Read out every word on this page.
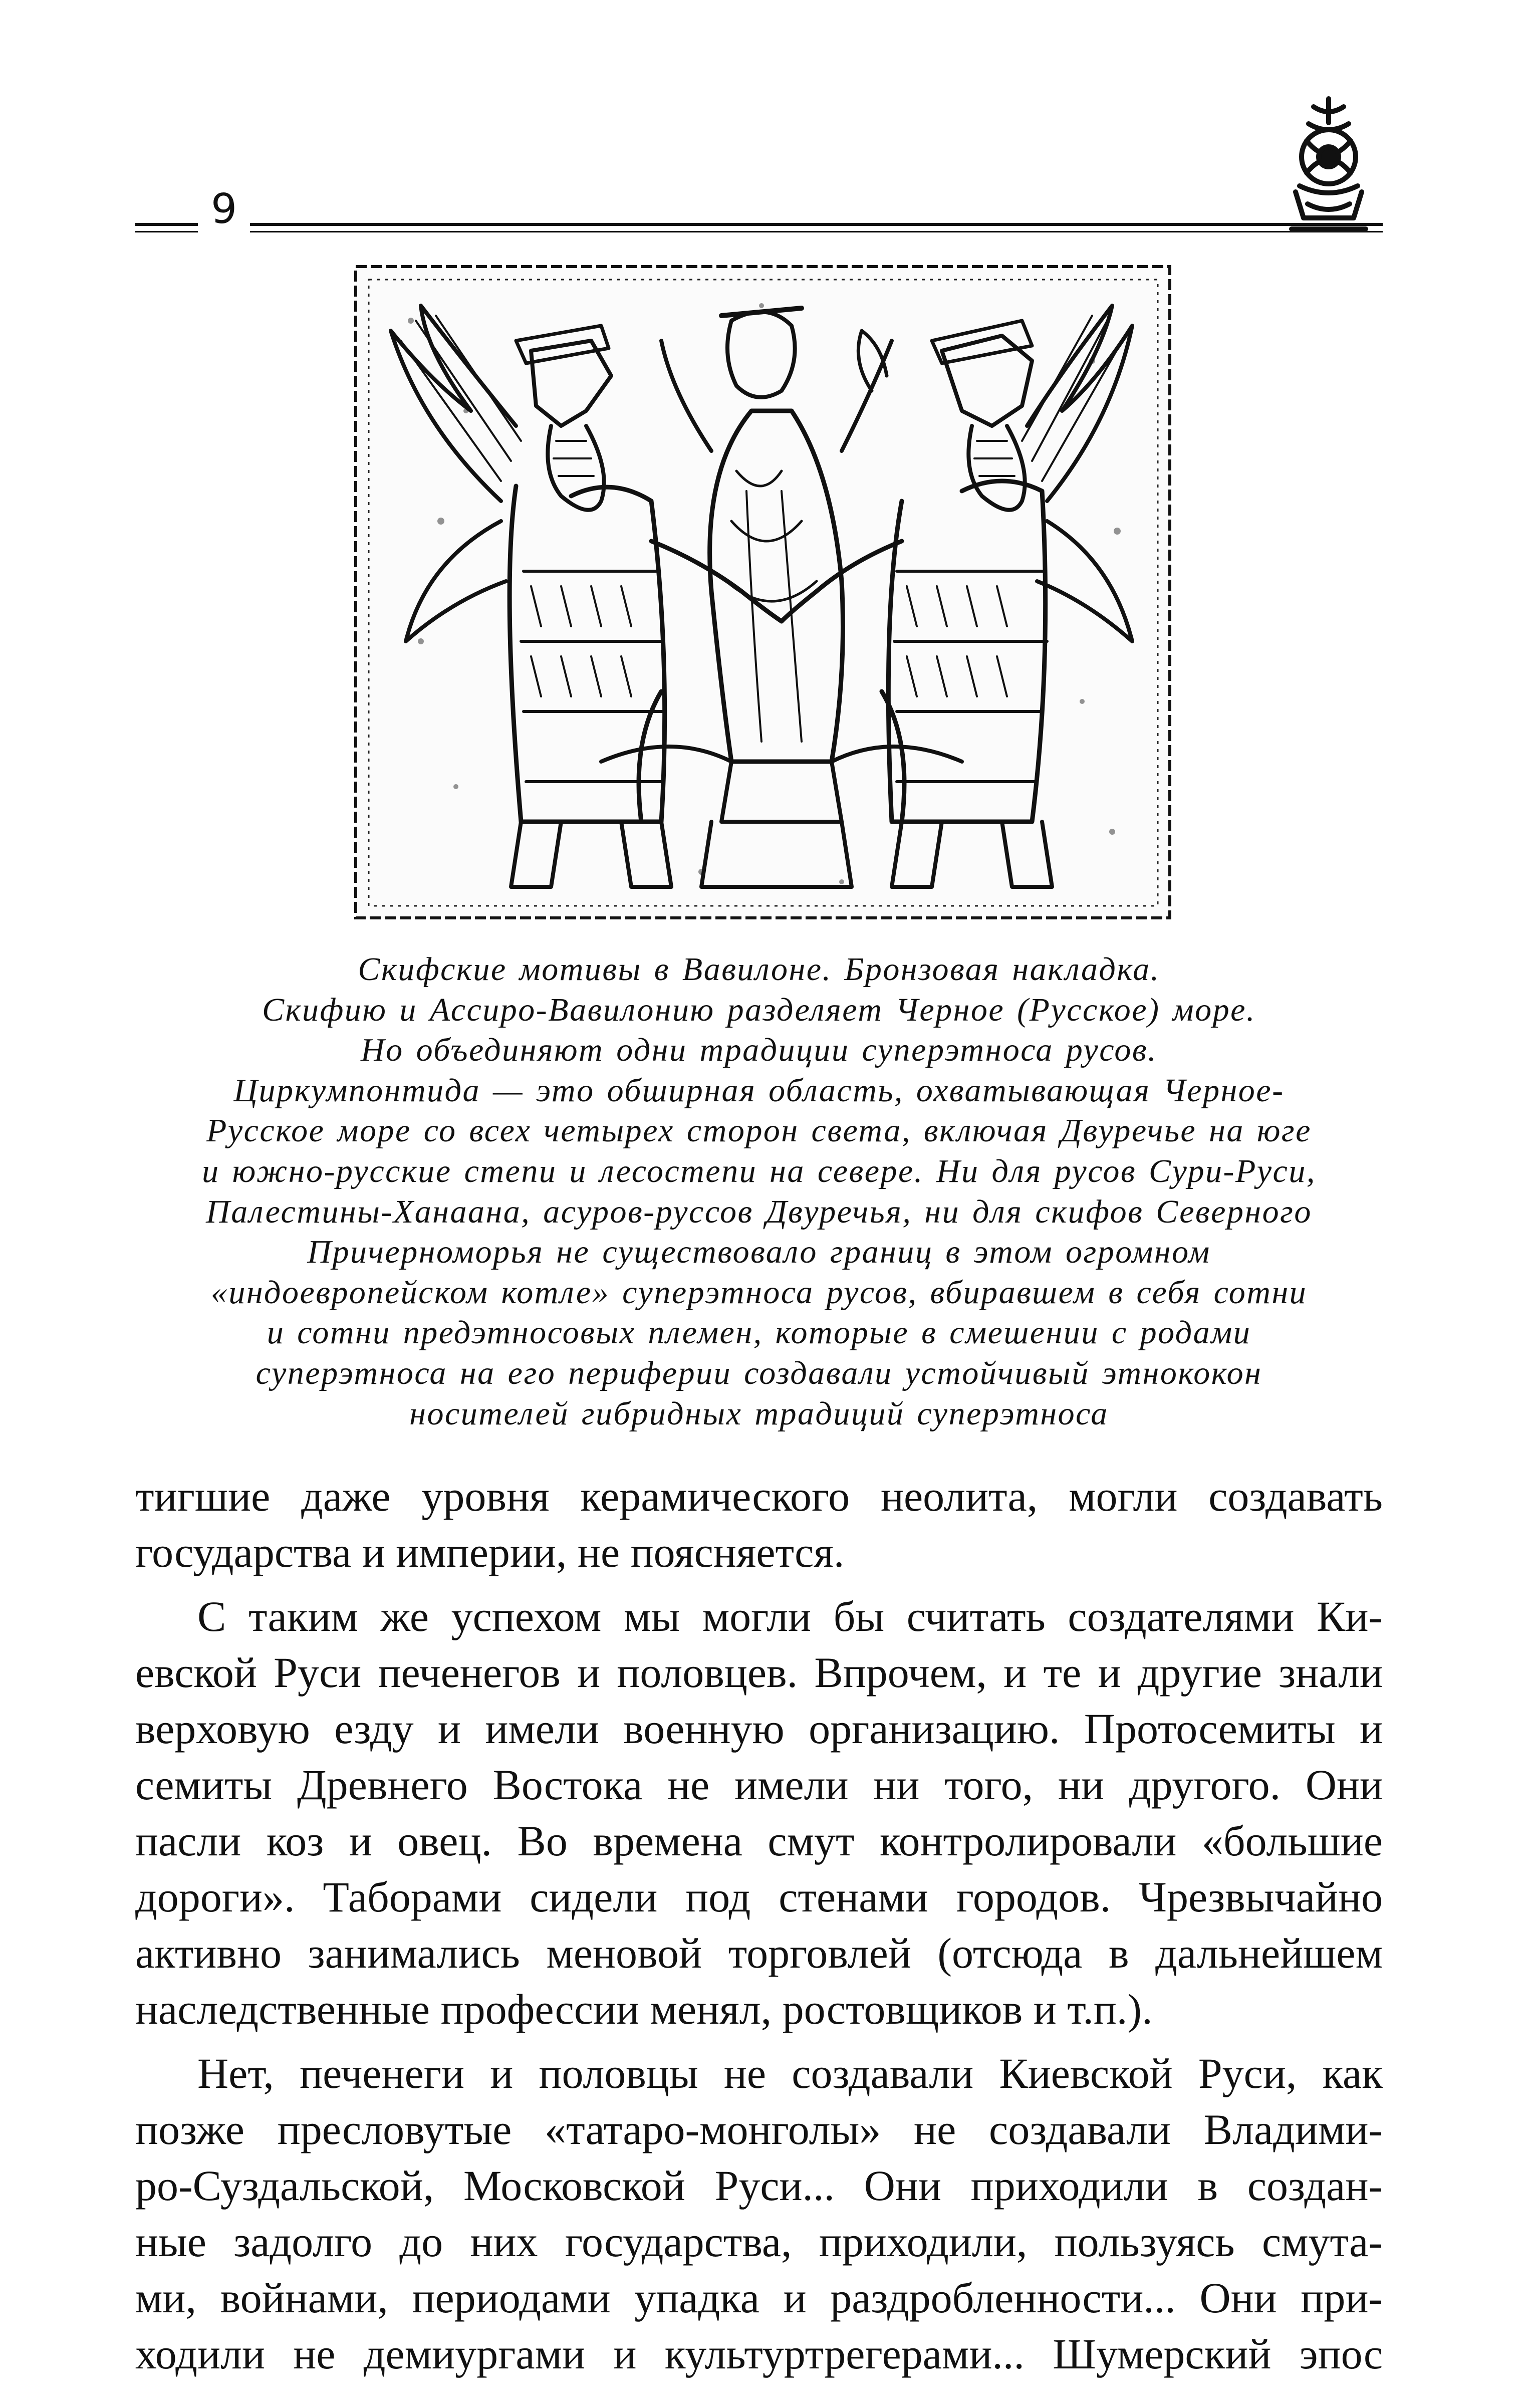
9
Скифские мотивы в Вавилоне. Бронзовая накладка.
Скифию и Ассиро-Вавилонию разделяет Черное (Русское) море.
Но объединяют одни традиции суперэтноса русов.
Циркумпонтида — это обширная область, охватывающая Черное-
Русское море со всех четырех сторон света, включая Двуречье на юге
и южно-русские степи и лесостепи на севере. Ни для русов Сури-Руси,
Палестины-Ханаана, асуров-руссов Двуречья, ни для скифов Северного
Причерноморья не существовало границ в этом огромном
«индоевропейском котле» суперэтноса русов, вбиравшем в себя сотни
и сотни предэтносовых племен, которые в смешении с родами
суперэтноса на его периферии создавали устойчивый этнококон
носителей гибридных традиций суперэтноса
тигшие даже уровня керамического неолита, могли создавать
государства и империи, не поясняется.
С таким же успехом мы могли бы считать создателями Ки-
евской Руси печенегов и половцев. Впрочем, и те и другие знали
верховую езду и имели военную организацию. Протосемиты и
семиты Древнего Востока не имели ни того, ни другого. Они
пасли коз и овец. Во времена смут контролировали «большие
дороги». Таборами сидели под стенами городов. Чрезвычайно
активно занимались меновой торговлей (отсюда в дальнейшем
наследственные профессии менял, ростовщиков и т.п.).
Нет, печенеги и половцы не создавали Киевской Руси, как
позже пресловутые «татаро-монголы» не создавали Владими-
ро-Суздальской, Московской Руси... Они приходили в создан-
ные задолго до них государства, приходили, пользуясь смута-
ми, войнами, периодами упадка и раздробленности... Они при-
ходили не демиургами и культуртрегерами... Шумерский эпос
